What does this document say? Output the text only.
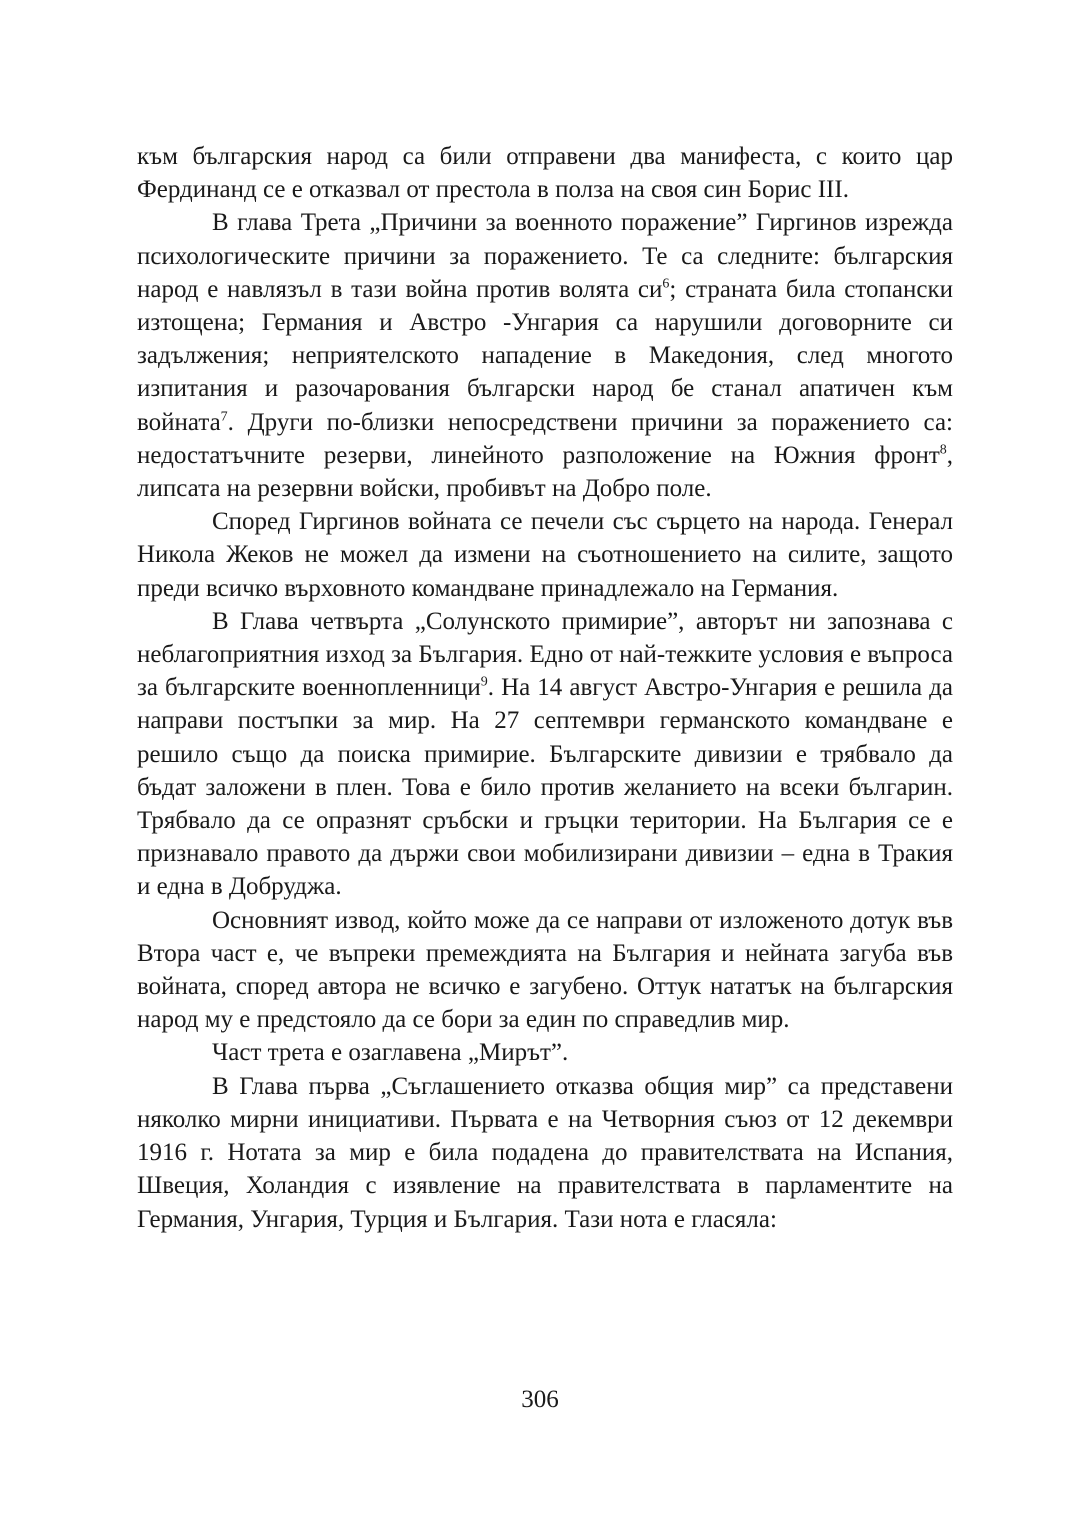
към българския народ са били отправени два манифеста, с които цар Фердинанд се е отказвал от престола в полза на своя син Борис III.

В глава Трета „Причини за военното поражение” Гиргинов изрежда психологическите причини за поражението. Те са следните: българския народ е навлязъл в тази война против волята $си^6$; страната била стопански изтощена; Германия и Австро -Унгария са нарушили договорните си задължения; неприятелското нападение в Македония, след многото изпитания и разочарования български народ бе станал апатичен към войната$^7$. Други по-близки непосредствени причини за поражението са: недостатъчните резерви, линейното разположение на Южния фронт$^8$, липсата на резервни войски, пробивът на Добро поле.

Според Гиргинов войната се печели със сърцето на народа. Генерал Никола Жеков не можел да измени на съотношението на силите, защото преди всичко върховното командване принадлежало на Германия.

В Глава четвърта „Солунското примирие”, авторът ни запознава с неблагоприятния изход за България. Едно от най-тежките условия е въпроса за българските военнопленници$^9$. На 14 август Австро-Унгария е решила да направи постъпки за мир. На 27 септември германското командване е решило също да поиска примирие. Българските дивизии е трябвало да бъдат заложени в плен. Това е било против желанието на всеки българин. Трябвало да се опразнят сръбски и гръцки територии. На България се е признавало правото да държи свои мобилизирани дивизии – една в Тракия и една в Добруджа.

Основният извод, който може да се направи от изложеното дотук във Втора част е, че въпреки премеждията на България и нейната загуба във войната, според автора не всичко е загубено. Оттук нататък на българския народ му е предстояло да се бори за един по справедлив мир.

Част трета е озаглавена „Мирът”.

В Глава първа „Съглашението отказва общия мир” са представени няколко мирни инициативи. Първата е на Четворния съюз от 12 декември 1916 г. Нотата за мир е била подадена до правителствата на Испания, Швеция, Холандия с изявление на правителствата в парламентите на Германия, Унгария, Турция и България. Тази нота е гласяла:

306
